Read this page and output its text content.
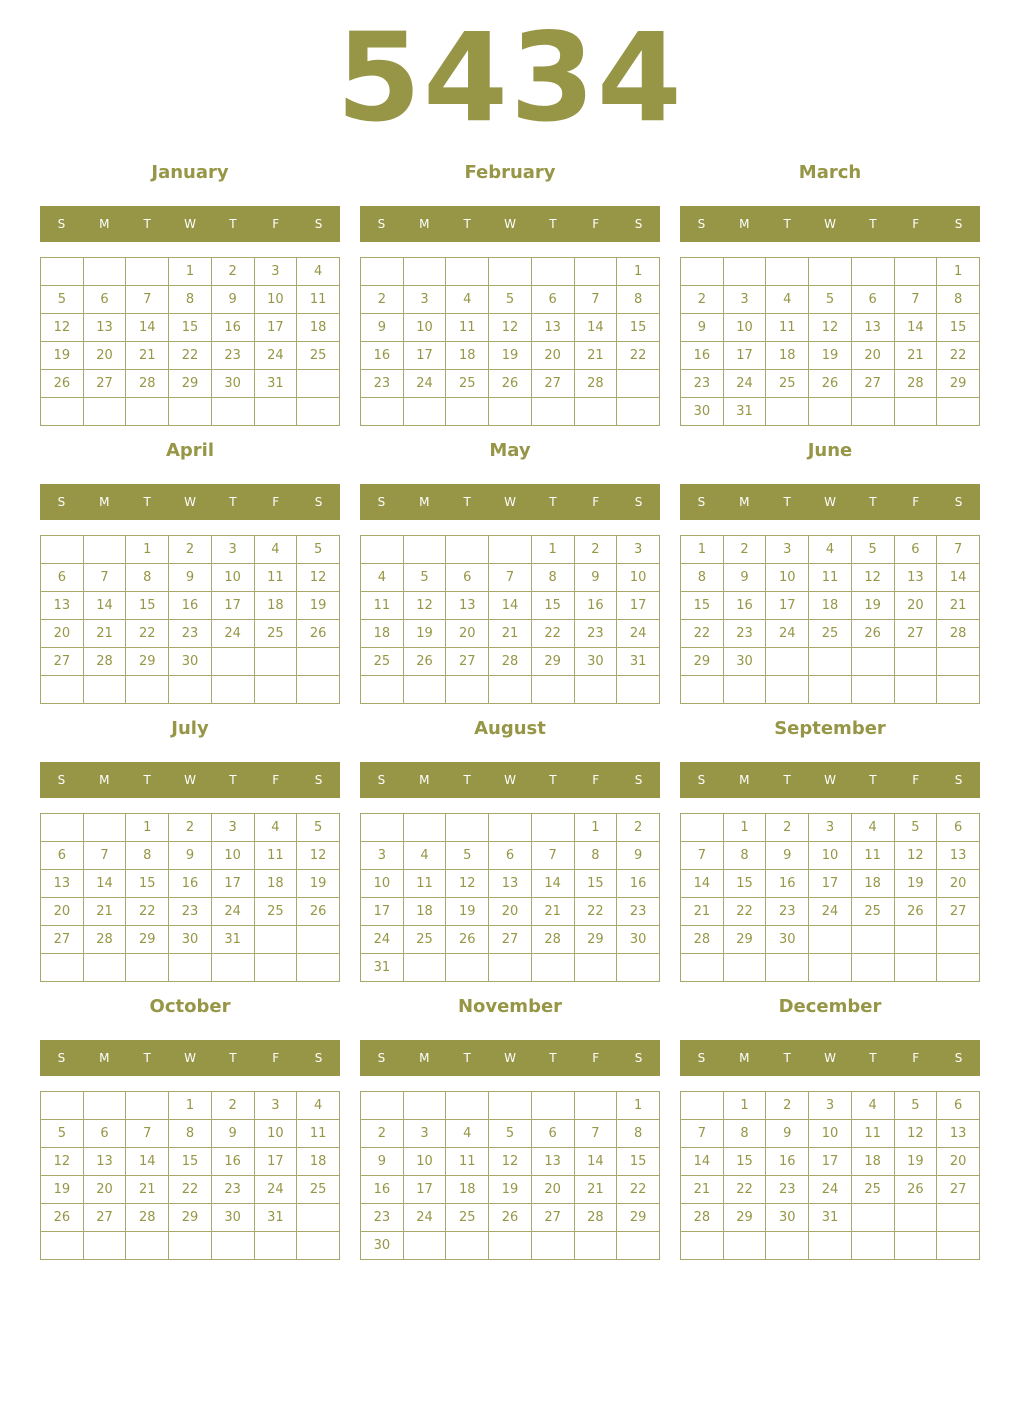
5434
January
S	M	T	W	T	F	S
			1	2	3	4
5	6	7	8	9	10	11
12	13	14	15	16	17	18
19	20	21	22	23	24	25
26	27	28	29	30	31	

February
S	M	T	W	T	F	S
						1
2	3	4	5	6	7	8
9	10	11	12	13	14	15
16	17	18	19	20	21	22
23	24	25	26	27	28	

March
S	M	T	W	T	F	S
						1
2	3	4	5	6	7	8
9	10	11	12	13	14	15
16	17	18	19	20	21	22
23	24	25	26	27	28	29
30	31					
April
S	M	T	W	T	F	S
		1	2	3	4	5
6	7	8	9	10	11	12
13	14	15	16	17	18	19
20	21	22	23	24	25	26
27	28	29	30			

May
S	M	T	W	T	F	S
				1	2	3
4	5	6	7	8	9	10
11	12	13	14	15	16	17
18	19	20	21	22	23	24
25	26	27	28	29	30	31

June
S	M	T	W	T	F	S
1	2	3	4	5	6	7
8	9	10	11	12	13	14
15	16	17	18	19	20	21
22	23	24	25	26	27	28
29	30					

July
S	M	T	W	T	F	S
		1	2	3	4	5
6	7	8	9	10	11	12
13	14	15	16	17	18	19
20	21	22	23	24	25	26
27	28	29	30	31		

August
S	M	T	W	T	F	S
					1	2
3	4	5	6	7	8	9
10	11	12	13	14	15	16
17	18	19	20	21	22	23
24	25	26	27	28	29	30
31						
September
S	M	T	W	T	F	S
	1	2	3	4	5	6
7	8	9	10	11	12	13
14	15	16	17	18	19	20
21	22	23	24	25	26	27
28	29	30				

October
S	M	T	W	T	F	S
			1	2	3	4
5	6	7	8	9	10	11
12	13	14	15	16	17	18
19	20	21	22	23	24	25
26	27	28	29	30	31	

November
S	M	T	W	T	F	S
						1
2	3	4	5	6	7	8
9	10	11	12	13	14	15
16	17	18	19	20	21	22
23	24	25	26	27	28	29
30						
December
S	M	T	W	T	F	S
	1	2	3	4	5	6
7	8	9	10	11	12	13
14	15	16	17	18	19	20
21	22	23	24	25	26	27
28	29	30	31			
